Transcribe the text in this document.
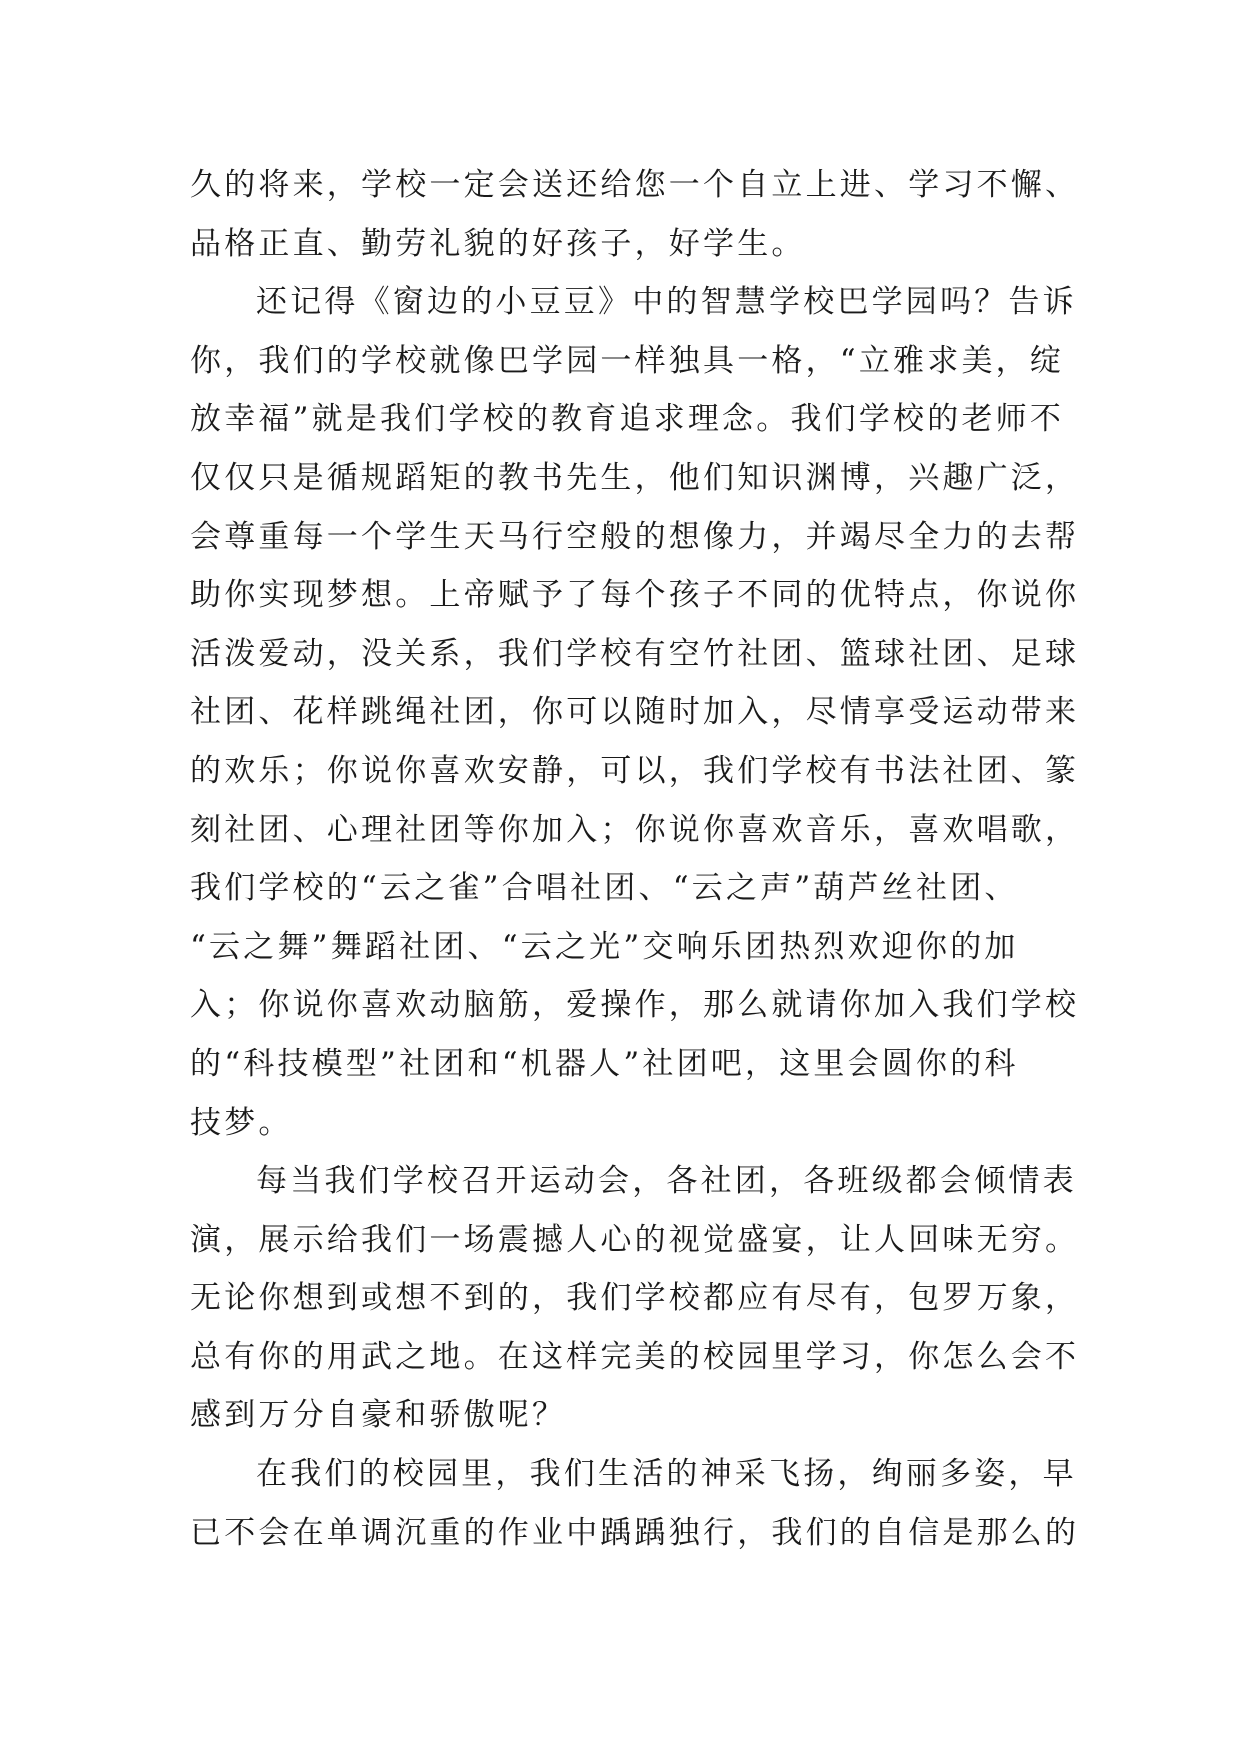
久的将来，学校一定会送还给您一个自立上进、学习不懈、
品格正直、勤劳礼貌的好孩子，好学生。
还记得《窗边的小豆豆》中的智慧学校巴学园吗？告诉
你，我们的学校就像巴学园一样独具一格，“立雅求美，绽
放幸福”就是我们学校的教育追求理念。我们学校的老师不
仅仅只是循规蹈矩的教书先生，他们知识渊博，兴趣广泛，
会尊重每一个学生天马行空般的想像力，并竭尽全力的去帮
助你实现梦想。上帝赋予了每个孩子不同的优特点，你说你
活泼爱动，没关系，我们学校有空竹社团、篮球社团、足球
社团、花样跳绳社团，你可以随时加入，尽情享受运动带来
的欢乐；你说你喜欢安静，可以，我们学校有书法社团、篆
刻社团、心理社团等你加入；你说你喜欢音乐，喜欢唱歌，
我们学校的“云之雀”合唱社团、“云之声”葫芦丝社团、
“云之舞”舞蹈社团、“云之光”交响乐团热烈欢迎你的加
入；你说你喜欢动脑筋，爱操作，那么就请你加入我们学校
的“科技模型”社团和“机器人”社团吧，这里会圆你的科
技梦。
每当我们学校召开运动会，各社团，各班级都会倾情表
演，展示给我们一场震撼人心的视觉盛宴，让人回味无穷。
无论你想到或想不到的，我们学校都应有尽有，包罗万象，
总有你的用武之地。在这样完美的校园里学习，你怎么会不
感到万分自豪和骄傲呢？
在我们的校园里，我们生活的神采飞扬，绚丽多姿，早
已不会在单调沉重的作业中踽踽独行，我们的自信是那么的
